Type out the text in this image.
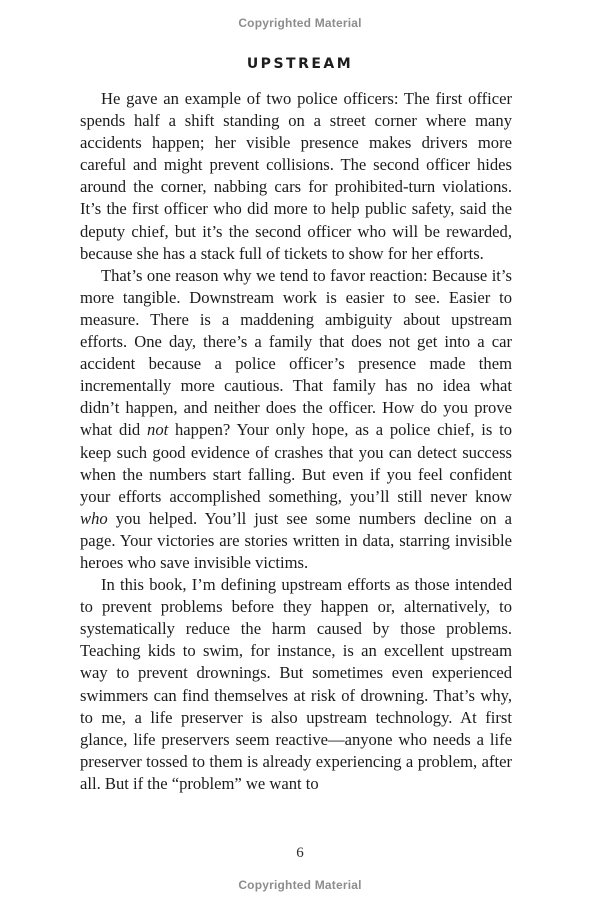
Copyrighted Material
UPSTREAM

He gave an example of two police officers: The first officer spends half a shift standing on a street corner where many accidents happen; her visible presence makes drivers more careful and might prevent collisions. The second officer hides around the corner, nabbing cars for prohibited-turn violations. It’s the first officer who did more to help public safety, said the deputy chief, but it’s the second officer who will be rewarded, because she has a stack full of tickets to show for her efforts.

That’s one reason why we tend to favor reaction: Because it’s more tangible. Downstream work is easier to see. Easier to measure. There is a maddening ambiguity about upstream efforts. One day, there’s a family that does not get into a car accident because a police officer’s presence made them incrementally more cautious. That family has no idea what didn’t happen, and neither does the officer. How do you prove what did not happen? Your only hope, as a police chief, is to keep such good evidence of crashes that you can detect success when the numbers start falling. But even if you feel confident your efforts accomplished something, you’ll still never know who you helped. You’ll just see some numbers decline on a page. Your victories are stories written in data, starring invisible heroes who save invisible victims.

In this book, I’m defining upstream efforts as those intended to prevent problems before they happen or, alternatively, to systematically reduce the harm caused by those problems. Teaching kids to swim, for instance, is an excellent upstream way to prevent drownings. But sometimes even experienced swimmers can find themselves at risk of drowning. That’s why, to me, a life preserver is also upstream technology. At first glance, life preservers seem reactive—anyone who needs a life preserver tossed to them is already experiencing a problem, after all. But if the “problem” we want to

6
Copyrighted Material
